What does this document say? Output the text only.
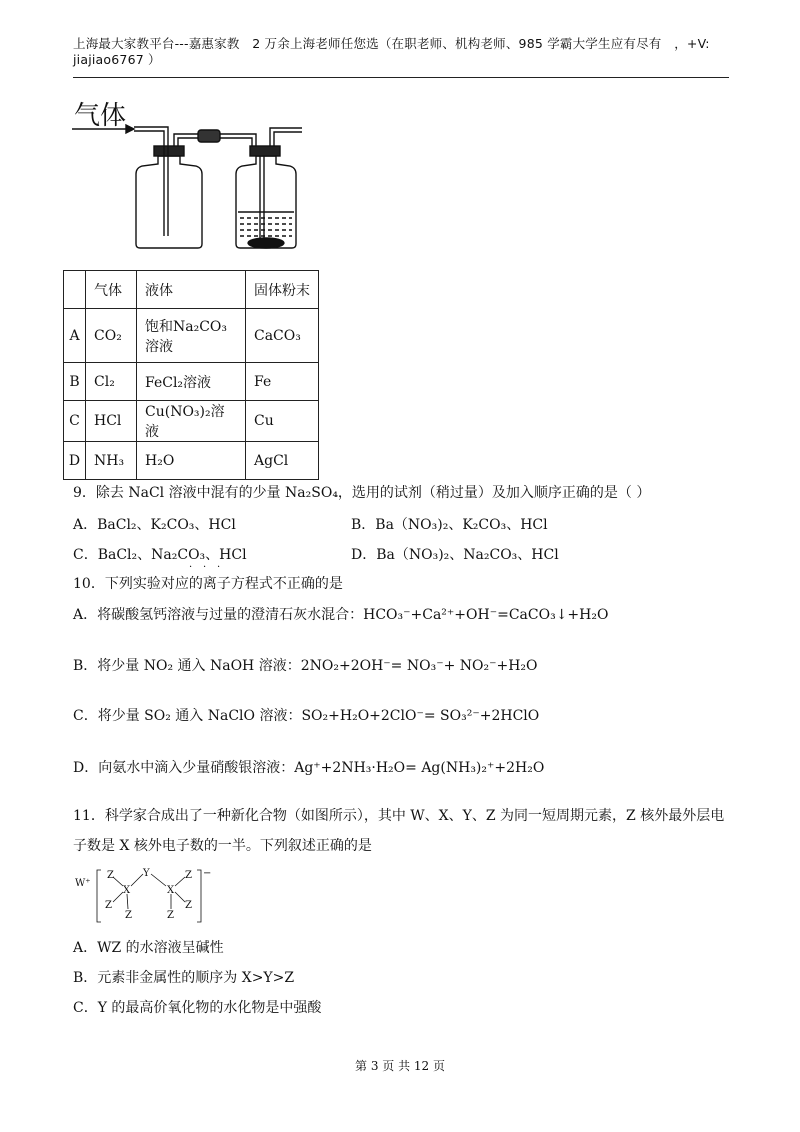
上海最大家教平台---嘉惠家教　2 万余上海老师任您选（在职老师、机构老师、985 学霸大学生应有尽有　，+V:
jiajiao6767 ）
气体
	气体	液体	固体粉末
A	CO₂	饱和Na₂CO₃溶液	CaCO₃
B	Cl₂	FeCl₂溶液	Fe
C	HCl	Cu(NO₃)₂溶液	Cu
D	NH₃	H₂O	AgCl
9．除去 NaCl 溶液中混有的少量 Na₂SO₄，选用的试剂（稍过量）及加入顺序正确的是（ ）
A．BaCl₂、K₂CO₃、HCl	B．Ba（NO₃)₂、K₂CO₃、HCl
C．BaCl₂、Na₂CO₃、HCl	D．Ba（NO₃)₂、Na₂CO₃、HCl
· · ·
10．下列实验对应的离子方程式不正确的是
A．将碳酸氢钙溶液与过量的澄清石灰水混合：HCO₃⁻+Ca²⁺+OH⁻=CaCO₃↓+H₂O
B．将少量 NO₂ 通入 NaOH 溶液：2NO₂+2OH⁻= NO₃⁻+ NO₂⁻+H₂O
C．将少量 SO₂ 通入 NaClO 溶液：SO₂+H₂O+2ClO⁻= SO₃²⁻+2HClO
D．向氨水中滴入少量硝酸银溶液：Ag⁺+2NH₃·H₂O= Ag(NH₃)₂⁺+2H₂O
11．科学家合成出了一种新化合物（如图所示），其中 W、X、Y、Z 为同一短周期元素，Z 核外最外层电
子数是 X 核外电子数的一半。下列叙述正确的是
W⁺
−
Z
Z
X
Z
Y
X
Z
Z
Z
A．WZ 的水溶液呈碱性
B．元素非金属性的顺序为 X>Y>Z
C．Y 的最高价氧化物的水化物是中强酸
第 3 页 共 12 页
